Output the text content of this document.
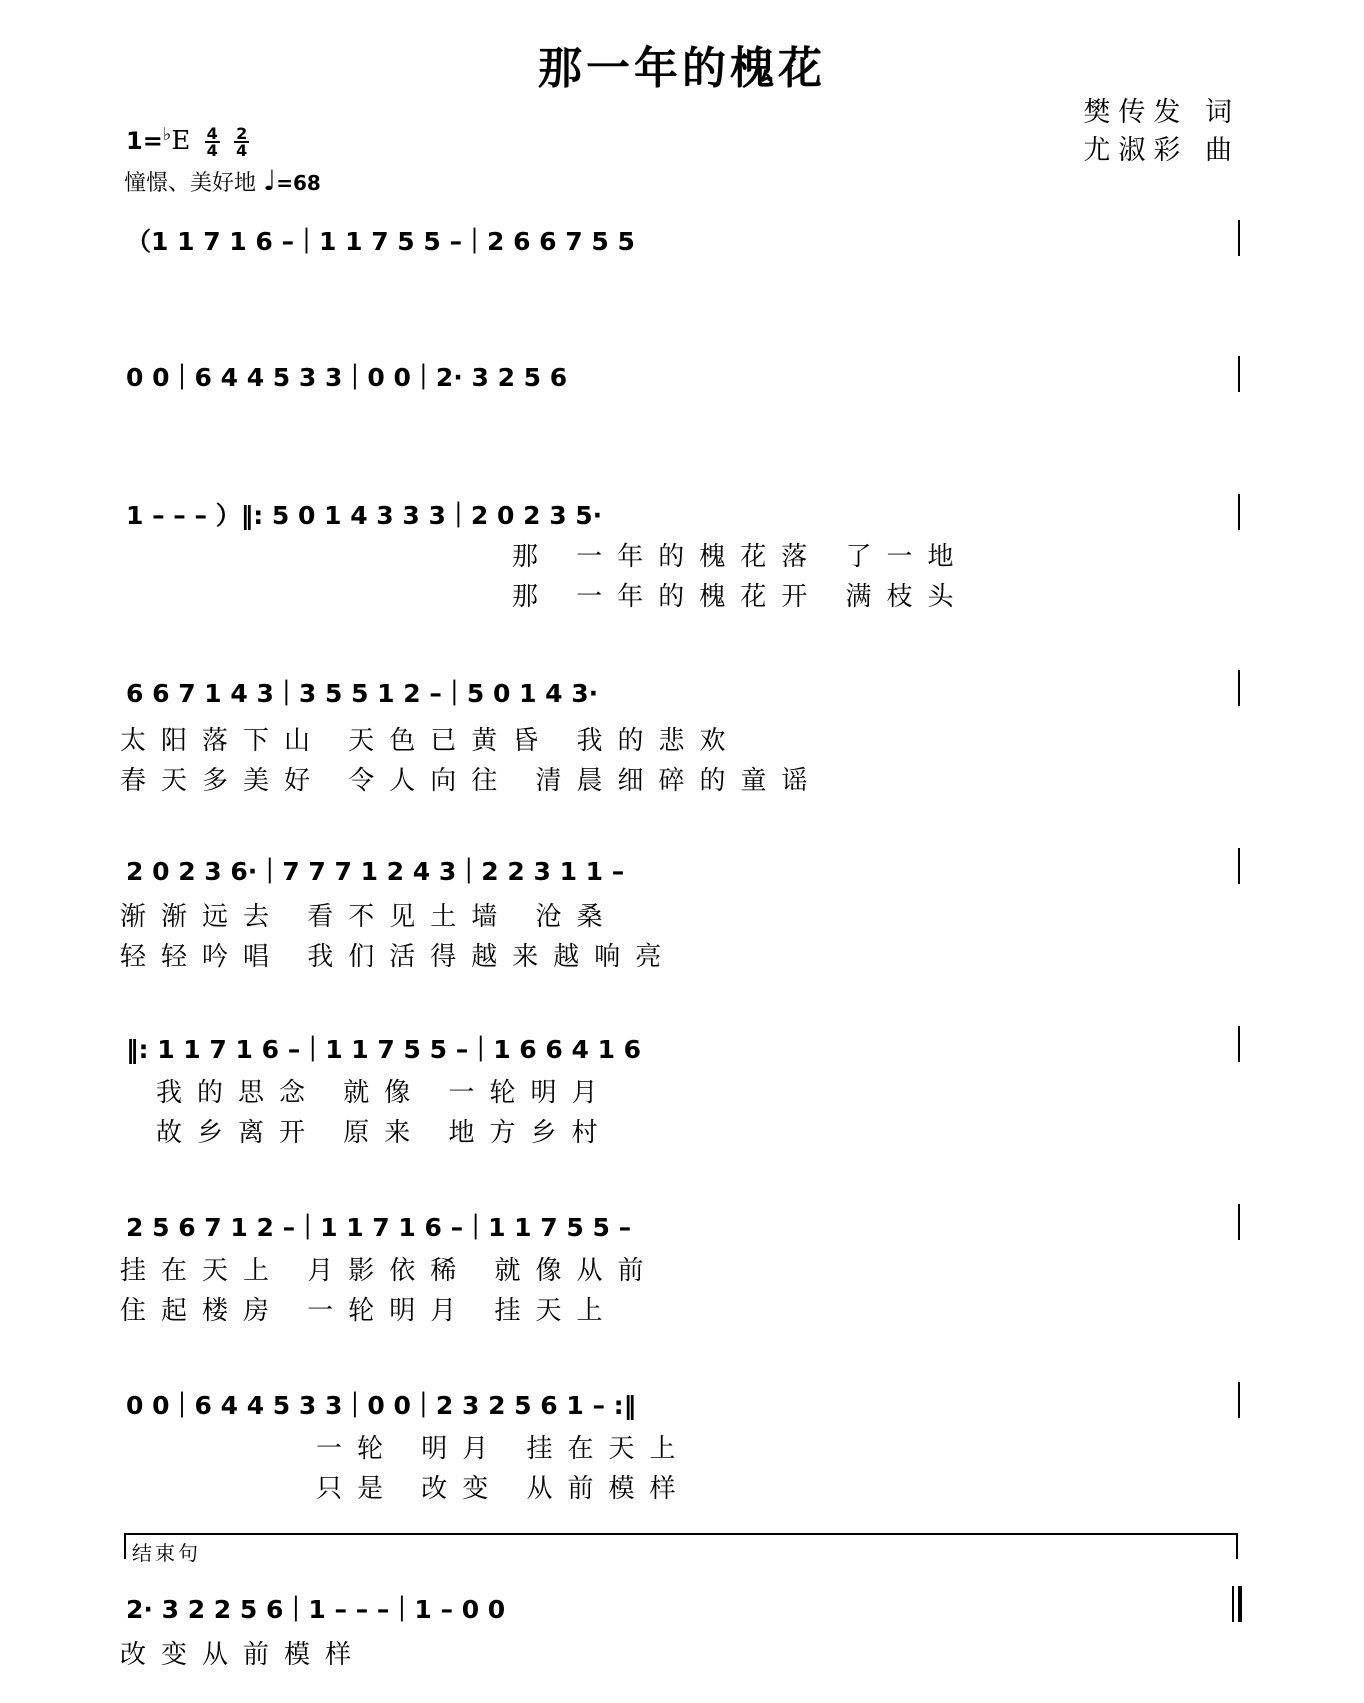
那一年的槐花
樊传发 词
尤淑彩 曲
$1=^♭E \frac{4}{4}$
$\frac{2}{4}$
憧憬、美好地 ♩=68
（1 1 7 1 6 –｜1 1 7 5 5 –｜2 6 6 7 5 5
0 0｜6 4 4 5 3 3｜0 0｜2· 3 2 5 6
1 – – – ）‖: 5 0 1 4 3 3 3｜2 0 2 3 5·
那 一年的槐花落 了一地
那 一年的槐花开 满枝头
6 6 7 1 4 3｜3 5 5 1 2 –｜5 0 1 4 3·
太阳落下山 天色已黄昏 我的悲欢
春天多美好 令人向往 清晨细碎的童谣
2 0 2 3 6·｜7 7 7 1 2 4 3｜2 2 3 1 1 –
渐渐远去 看不见土墙 沧桑
轻轻吟唱 我们活得越来越响亮
‖: 1 1 7 1 6 –｜1 1 7 5 5 –｜1 6 6 4 1 6
我的思念 就像 一轮明月
故乡离开 原来 地方乡村
2 5 6 7 1 2 –｜1 1 7 1 6 –｜1 1 7 5 5 –
挂在天上 月影依稀 就像从前
住起楼房 一轮明月 挂天上
0 0｜6 4 4 5 3 3｜0 0｜2 3 2 5 6 1 – :‖
一轮 明月 挂在天上
只是 改变 从前模样
结束句
2· 3 2 2 5 6｜1 – – –｜1 – 0 0
改变从前模样
